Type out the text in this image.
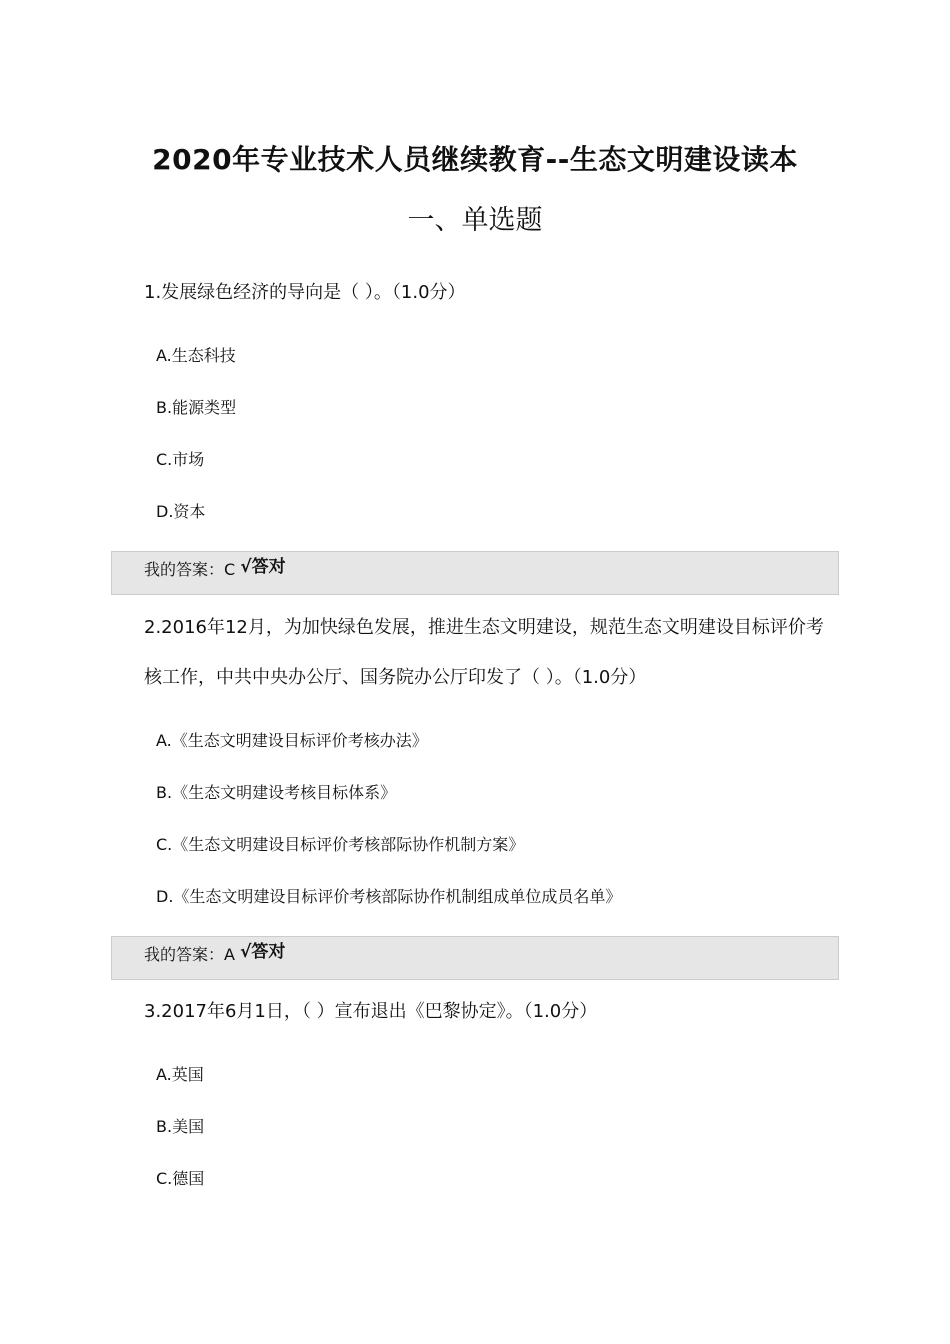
2020年专业技术人员继续教育--生态文明建设读本
一、单选题
1.发展绿色经济的导向是（ ）。（1.0分）
A.生态科技
B.能源类型
C.市场
D.资本
我的答案：C √答对
2.2016年12月，为加快绿色发展，推进生态文明建设，规范生态文明建设目标评价考核工作，中共中央办公厅、国务院办公厅印发了（ ）。（1.0分）
A.《生态文明建设目标评价考核办法》
B.《生态文明建设考核目标体系》
C.《生态文明建设目标评价考核部际协作机制方案》
D.《生态文明建设目标评价考核部际协作机制组成单位成员名单》
我的答案：A √答对
3.2017年6月1日，（ ）宣布退出《巴黎协定》。（1.0分）
A.英国
B.美国
C.德国
